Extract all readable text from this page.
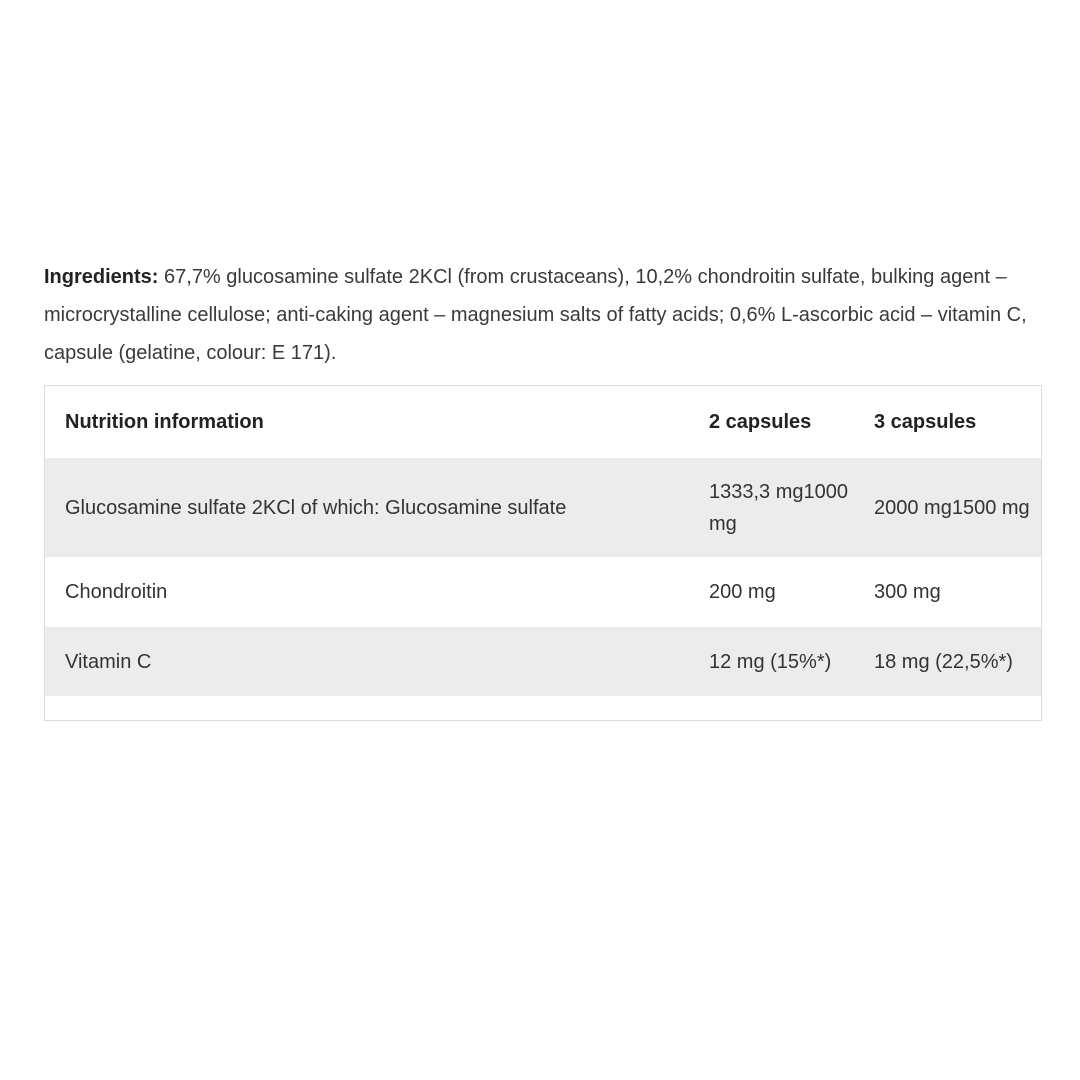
Ingredients: 67,7% glucosamine sulfate 2KCl (from crustaceans), 10,2% chondroitin sulfate, bulking agent – microcrystalline cellulose; anti-caking agent – magnesium salts of fatty acids; 0,6% L-ascorbic acid – vitamin C, capsule (gelatine, colour: E 171).

Nutrition information	2 capsules	3 capsules
Glucosamine sulfate 2KCl of which: Glucosamine sulfate	1333,3 mg1000 mg	2000 mg1500 mg
Chondroitin	200 mg	300 mg
Vitamin C	12 mg (15%*)	18 mg (22,5%*)
